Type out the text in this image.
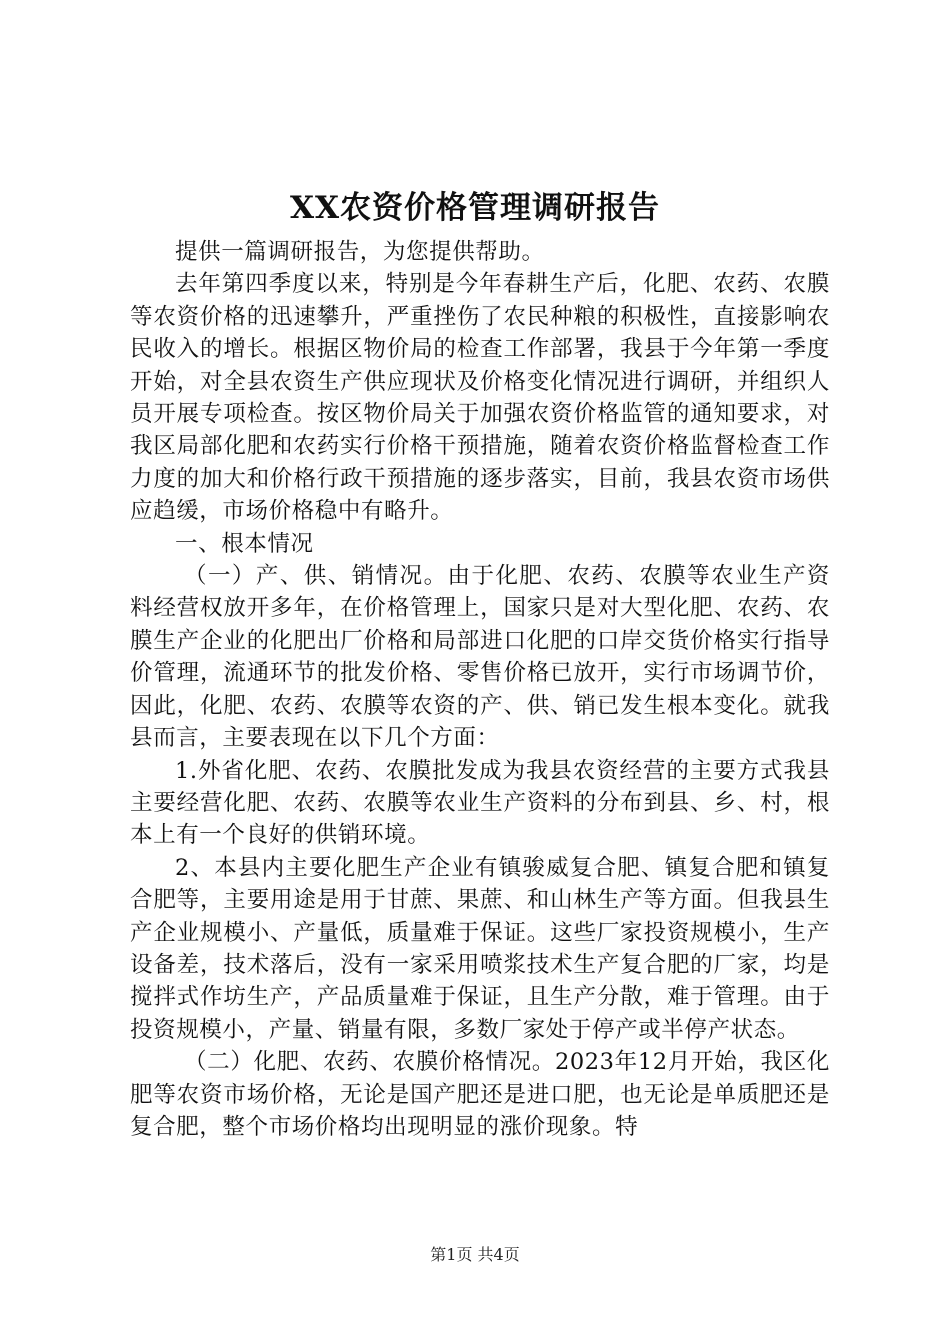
XX农资价格管理调研报告

提供一篇调研报告，为您提供帮助。

去年第四季度以来，特别是今年春耕生产后，化肥、农药、农膜等农资价格的迅速攀升，严重挫伤了农民种粮的积极性，直接影响农民收入的增长。根据区物价局的检查工作部署，我县于今年第一季度开始，对全县农资生产供应现状及价格变化情况进行调研，并组织人员开展专项检查。按区物价局关于加强农资价格监管的通知要求，对我区局部化肥和农药实行价格干预措施，随着农资价格监督检查工作力度的加大和价格行政干预措施的逐步落实，目前，我县农资市场供应趋缓，市场价格稳中有略升。

一、根本情况

（一）产、供、销情况。由于化肥、农药、农膜等农业生产资料经营权放开多年，在价格管理上，国家只是对大型化肥、农药、农膜生产企业的化肥出厂价格和局部进口化肥的口岸交货价格实行指导价管理，流通环节的批发价格、零售价格已放开，实行市场调节价，因此，化肥、农药、农膜等农资的产、供、销已发生根本变化。就我县而言，主要表现在以下几个方面：

1.外省化肥、农药、农膜批发成为我县农资经营的主要方式我县主要经营化肥、农药、农膜等农业生产资料的分布到县、乡、村，根本上有一个良好的供销环境。

2、本县内主要化肥生产企业有镇骏威复合肥、镇复合肥和镇复合肥等，主要用途是用于甘蔗、果蔗、和山林生产等方面。但我县生产企业规模小、产量低，质量难于保证。这些厂家投资规模小，生产设备差，技术落后，没有一家采用喷浆技术生产复合肥的厂家，均是搅拌式作坊生产，产品质量难于保证，且生产分散，难于管理。由于投资规模小，产量、销量有限，多数厂家处于停产或半停产状态。

（二）化肥、农药、农膜价格情况。2023年12月开始，我区化肥等农资市场价格，无论是国产肥还是进口肥，也无论是单质肥还是复合肥，整个市场价格均出现明显的涨价现象。特

第1页 共4页
